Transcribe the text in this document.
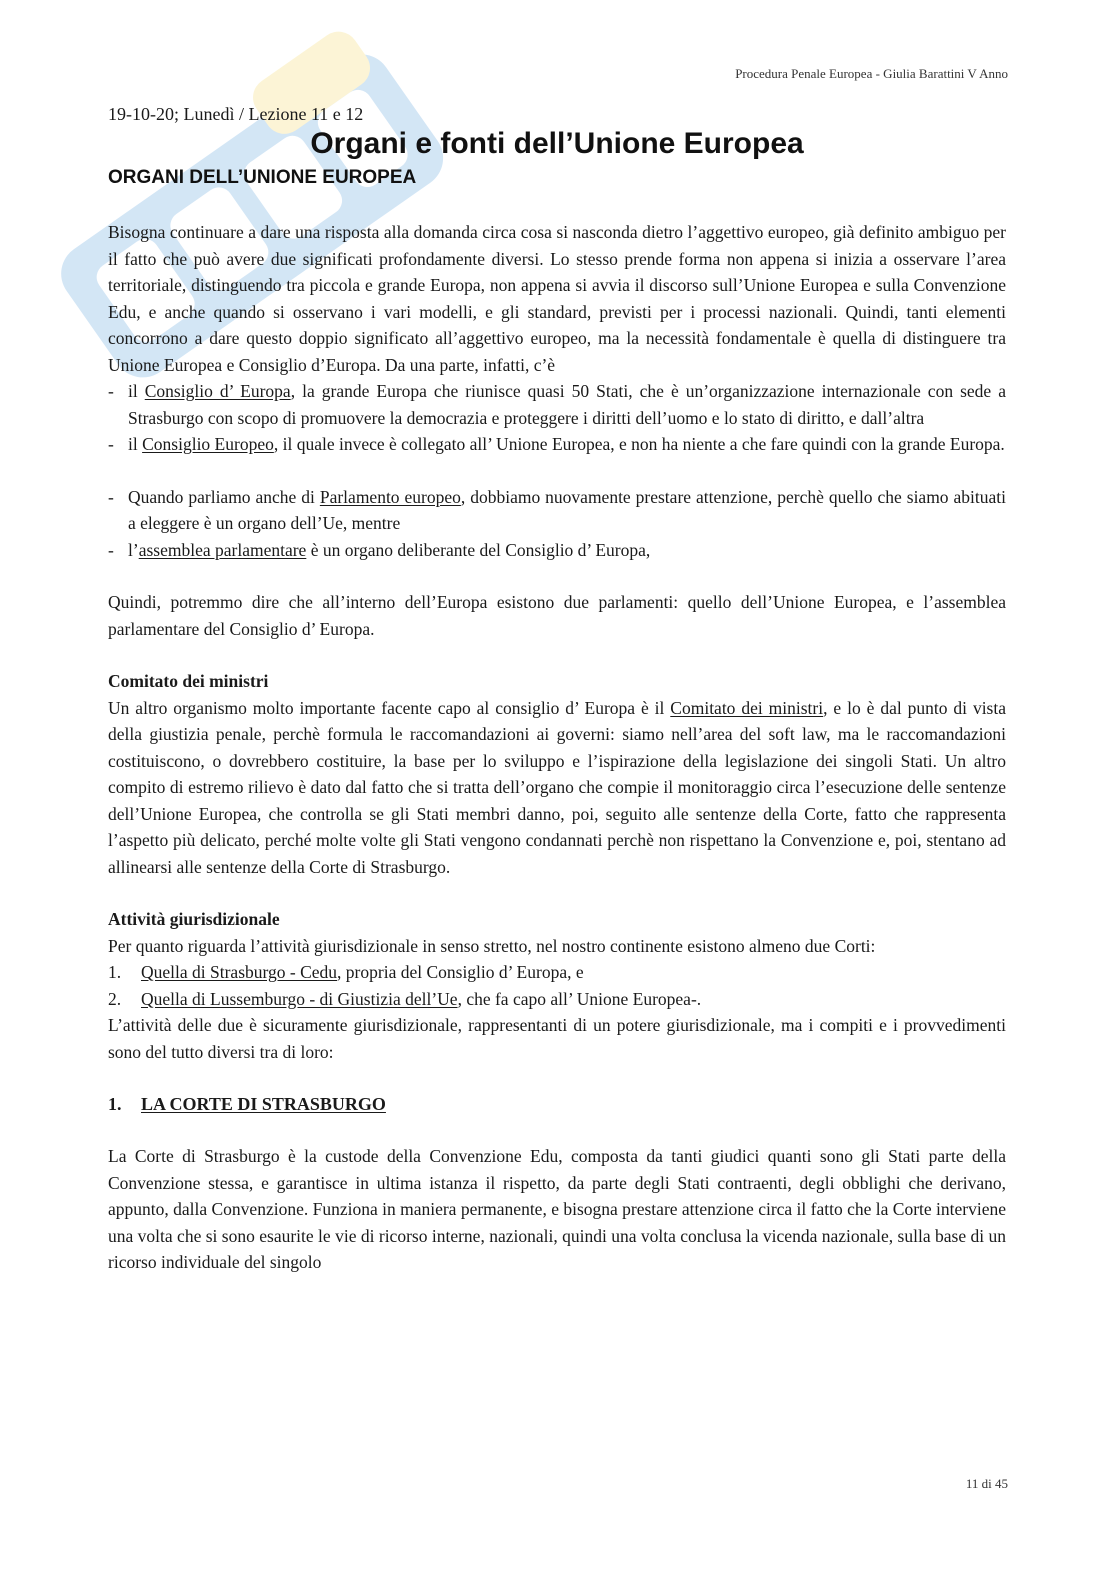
Procedura Penale Europea - Giulia Barattini V Anno
19-10-20; Lunedì / Lezione 11 e 12
Organi e fonti dell’Unione Europea
ORGANI DELL’UNIONE EUROPEA

Bisogna continuare a dare una risposta alla domanda circa cosa si nasconda dietro l’aggettivo europeo, già definito ambiguo per il fatto che può avere due significati profondamente diversi. Lo stesso prende forma non appena si inizia a osservare l’area territoriale, distinguendo tra piccola e grande Europa, non appena si avvia il discorso sull’Unione Europea e sulla Convenzione Edu, e anche quando si osservano i vari modelli, e gli standard, previsti per i processi nazionali. Quindi, tanti elementi concorrono a dare questo doppio significato all’aggettivo europeo, ma la necessità fondamentale è quella di distinguere tra Unione Europea e Consiglio d’Europa. Da una parte, infatti, c’è

- il Consiglio d’ Europa, la grande Europa che riunisce quasi 50 Stati, che è un’organizzazione internazionale con sede a Strasburgo con scopo di promuovere la democrazia e proteggere i diritti dell’uomo e lo stato di diritto, e dall’altra
- il Consiglio Europeo, il quale invece è collegato all’ Unione Europea, e non ha niente a che fare quindi con la grande Europa.
- Quando parliamo anche di Parlamento europeo, dobbiamo nuovamente prestare attenzione, perchè quello che siamo abituati a eleggere è un organo dell’Ue, mentre
- l’assemblea parlamentare è un organo deliberante del Consiglio d’ Europa,

Quindi, potremmo dire che all’interno dell’Europa esistono due parlamenti: quello dell’Unione Europea, e l’assemblea parlamentare del Consiglio d’ Europa.

Comitato dei ministri

Un altro organismo molto importante facente capo al consiglio d’ Europa è il Comitato dei ministri, e lo è dal punto di vista della giustizia penale, perchè formula le raccomandazioni ai governi: siamo nell’area del soft law, ma le raccomandazioni costituiscono, o dovrebbero costituire, la base per lo sviluppo e l’ispirazione della legislazione dei singoli Stati. Un altro compito di estremo rilievo è dato dal fatto che si tratta dell’organo che compie il monitoraggio circa l’esecuzione delle sentenze dell’Unione Europea, che controlla se gli Stati membri danno, poi, seguito alle sentenze della Corte, fatto che rappresenta l’aspetto più delicato, perché molte volte gli Stati vengono condannati perchè non rispettano la Convenzione e, poi, stentano ad allinearsi alle sentenze della Corte di Strasburgo.

Attività giurisdizionale

Per quanto riguarda l’attività giurisdizionale in senso stretto, nel nostro continente esistono almeno due Corti:

1.	Quella di Strasburgo - Cedu, propria del Consiglio d’ Europa, e
2.	Quella di Lussemburgo - di Giustizia dell’Ue, che fa capo all’ Unione Europea-.

L’attività delle due è sicuramente giurisdizionale, rappresentanti di un potere giurisdizionale, ma i compiti e i provvedimenti sono del tutto diversi tra di loro:

1.	LA CORTE DI STRASBURGO

La Corte di Strasburgo è la custode della Convenzione Edu, composta da tanti giudici quanti sono gli Stati parte della Convenzione stessa, e garantisce in ultima istanza il rispetto, da parte degli Stati contraenti, degli obblighi che derivano, appunto, dalla Convenzione. Funziona in maniera permanente, e bisogna prestare attenzione circa il fatto che la Corte interviene una volta che si sono esaurite le vie di ricorso interne, nazionali, quindi una volta conclusa la vicenda nazionale, sulla base di un ricorso individuale del singolo

11 di 45
